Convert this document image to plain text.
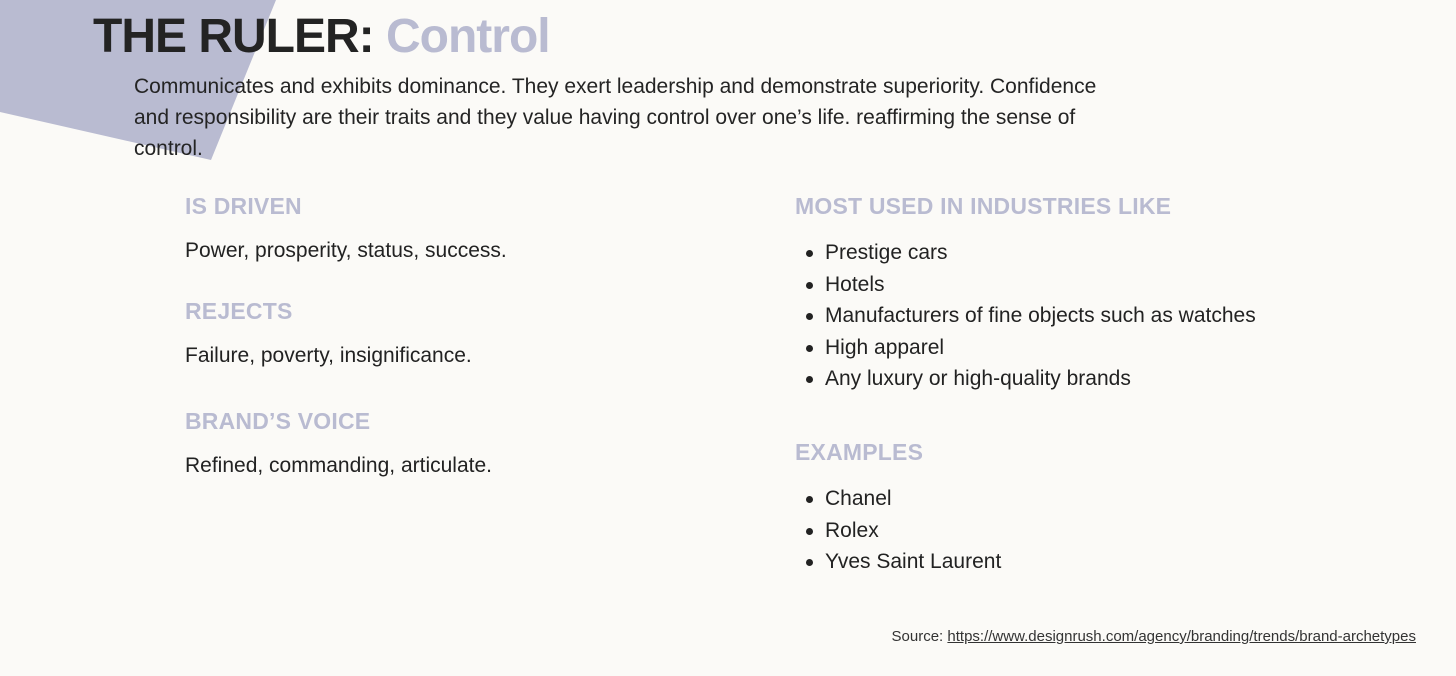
THE RULER: Control

Communicates and exhibits dominance. They exert leadership and demonstrate superiority. Confidence and responsibility are their traits and they value having control over one’s life. reaffirming the sense of control.

IS DRIVEN

Power, prosperity, status, success.

REJECTS

Failure, poverty, insignificance.

BRAND’S VOICE

Refined, commanding, articulate.

MOST USED IN INDUSTRIES LIKE
Prestige cars
Hotels
Manufacturers of fine objects such as watches
High apparel
Any luxury or high-quality brands
EXAMPLES
Chanel
Rolex
Yves Saint Laurent

Source: https://www.designrush.com/agency/branding/trends/brand-archetypes
